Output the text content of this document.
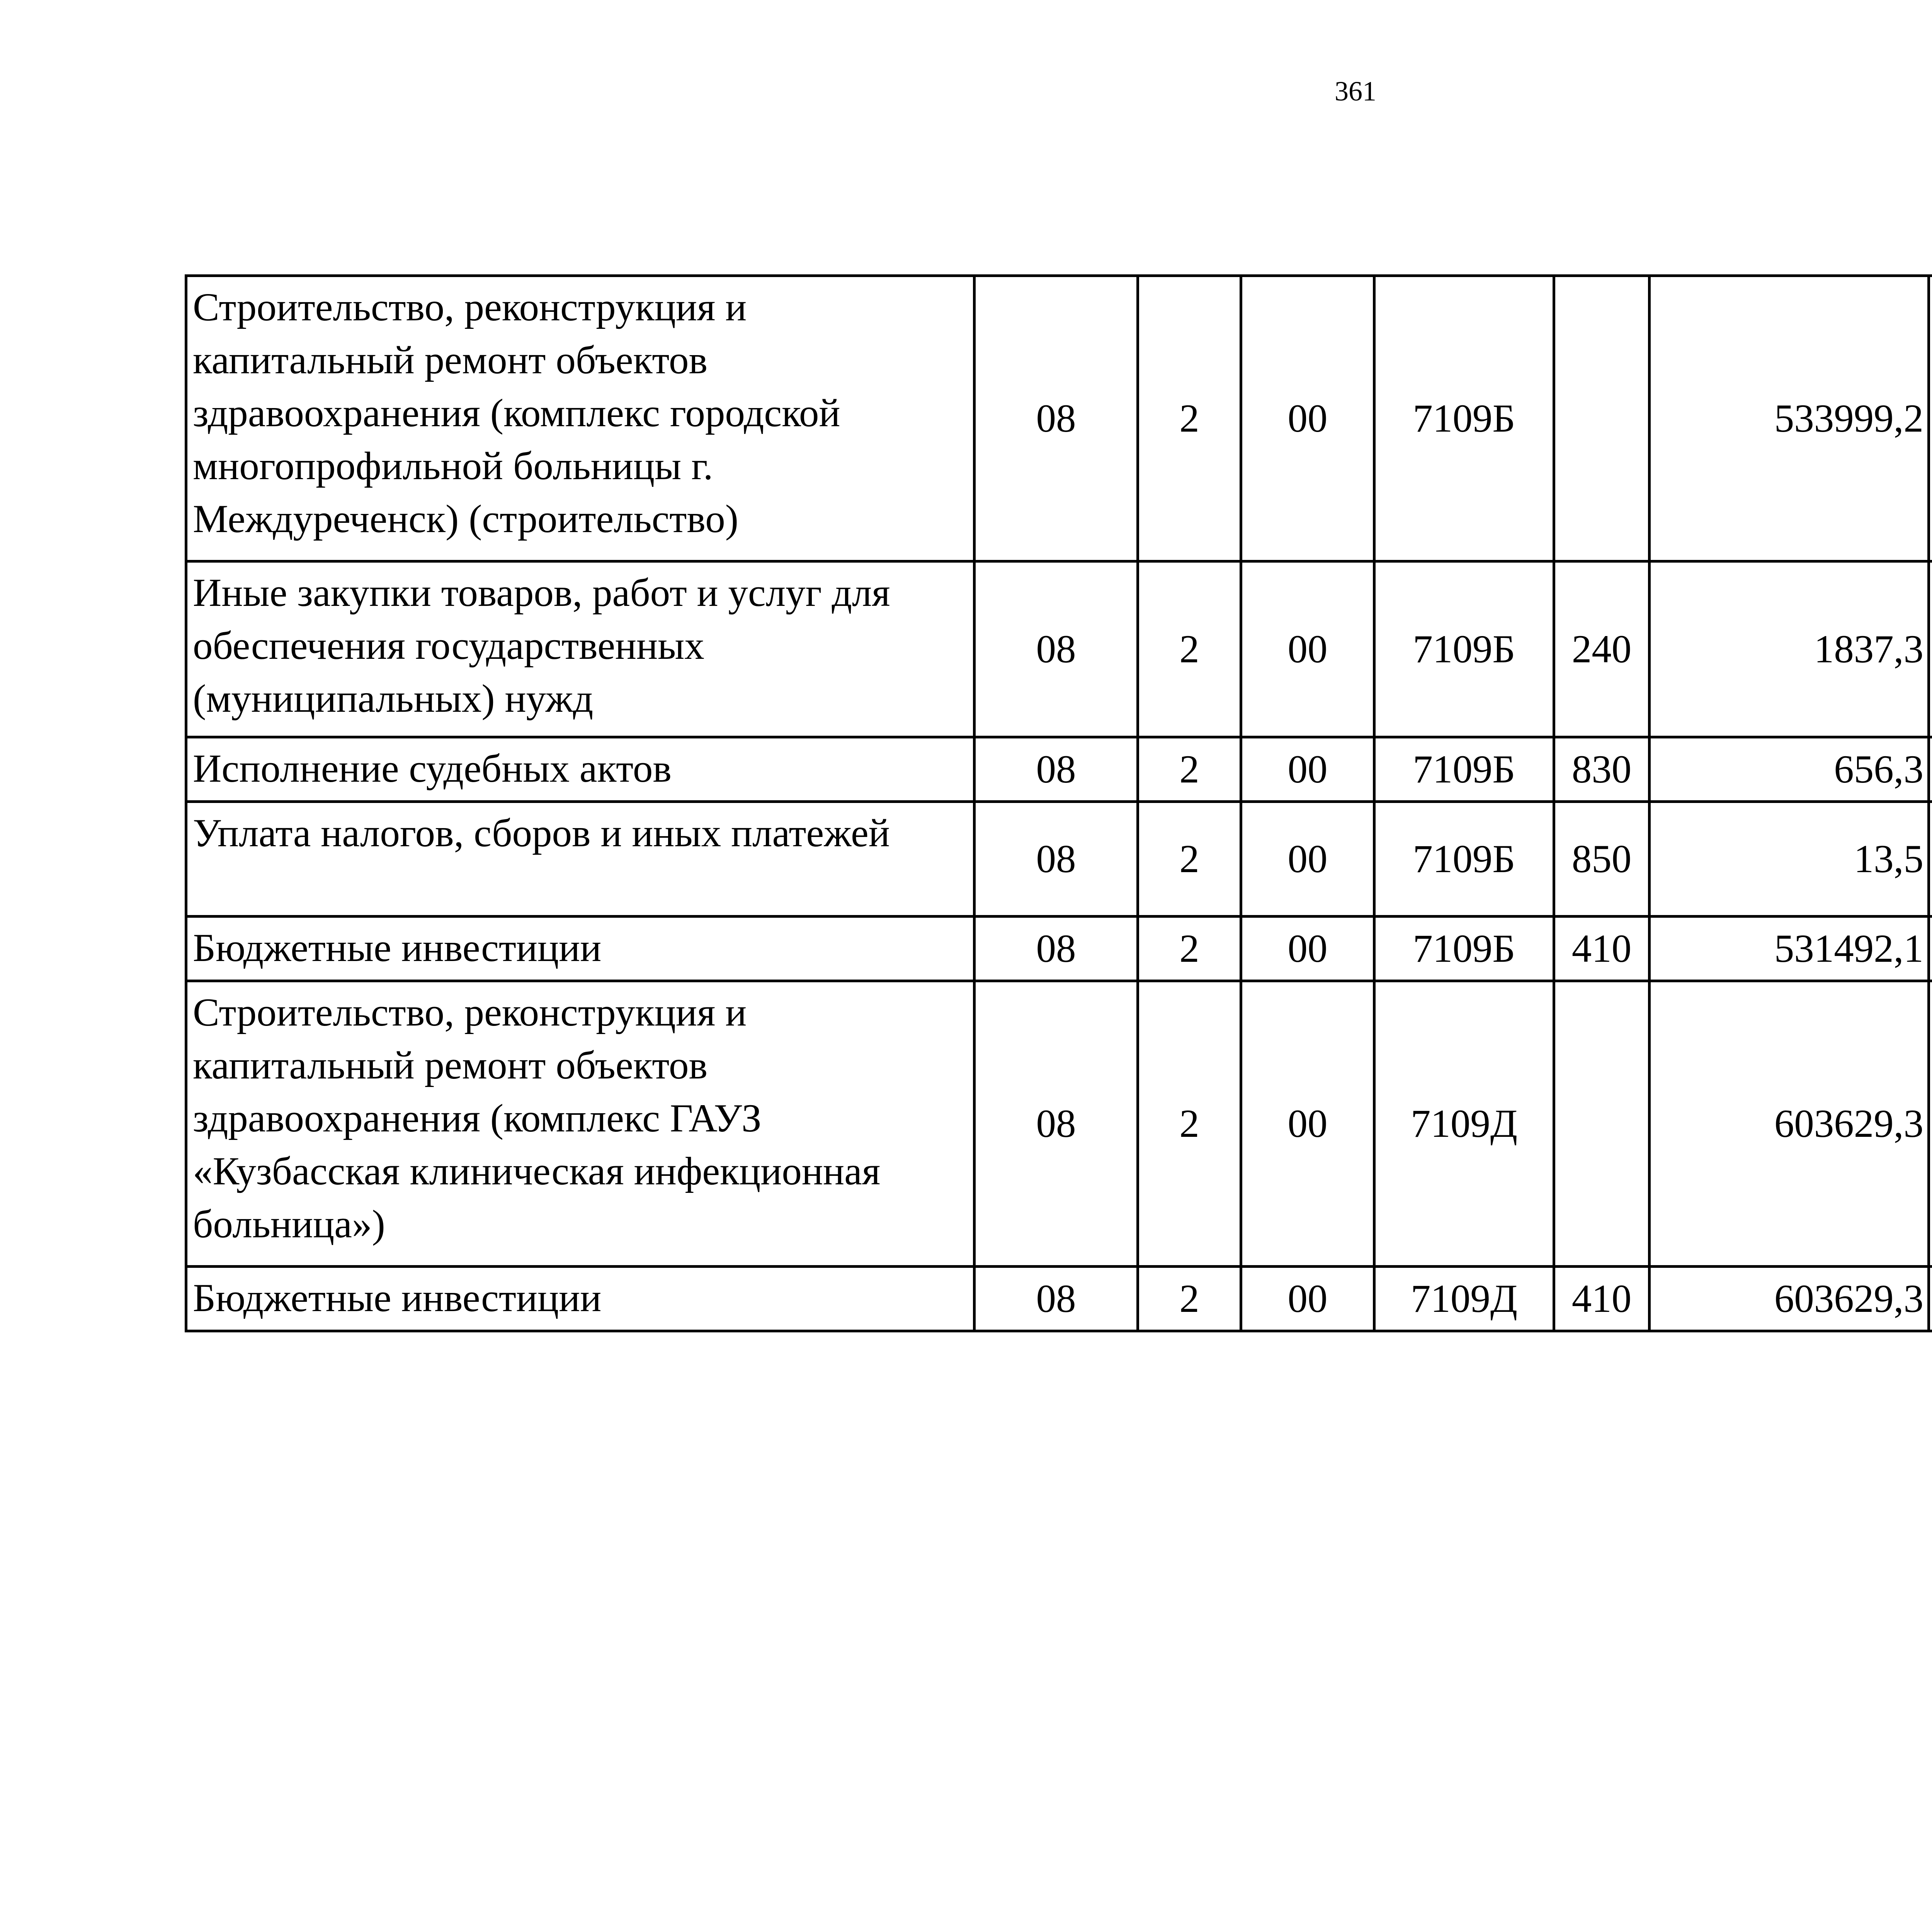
361
Строительство, реконструкция и капитальный ремонт объектов здравоохранения (комплекс городской многопрофильной больницы г. Междуреченск) (строительство)	08	2	00	7109Б		533999,2		
Иные закупки товаров, работ и услуг для обеспечения государственных (муниципальных) нужд	08	2	00	7109Б	240	1837,3		
Исполнение судебных актов	08	2	00	7109Б	830	656,3		
Уплата налогов, сборов и иных платежей	08	2	00	7109Б	850	13,5		
Бюджетные инвестиции	08	2	00	7109Б	410	531492,1		
Строительство, реконструкция и капитальный ремонт объектов здравоохранения (комплекс ГАУЗ «Кузбасская клиническая инфекционная больница»)	08	2	00	7109Д		603629,3		
Бюджетные инвестиции	08	2	00	7109Д	410	603629,3		
